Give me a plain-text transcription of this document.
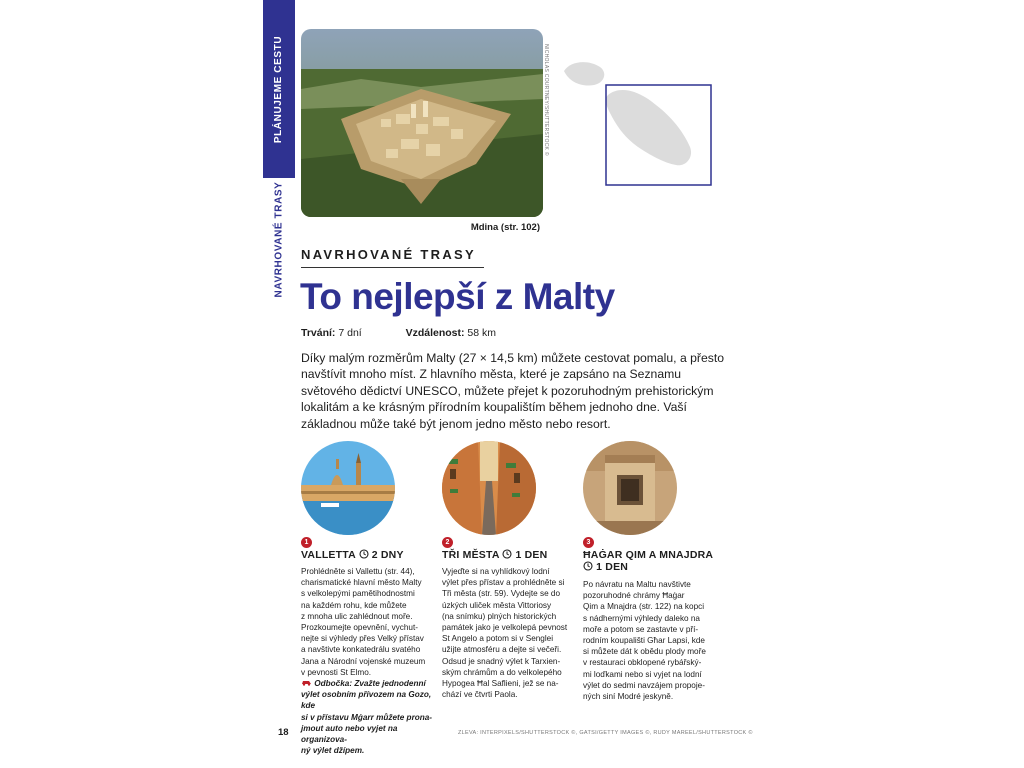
PLÁNUJEME CESTU
NAVRHOVANÉ TRASY
NICHOLAS COURTNEY/SHUTTERSTOCK ©
Mdina (str. 102)
NAVRHOVANÉ TRASY
To nejlepší z Malty
Trvání: 7 dní	Vzdálenost: 58 km
Díky malým rozměrům Malty (27 × 14,5 km) můžete cestovat pomalu, a přesto
navštívit mnoho míst. Z hlavního města, které je zapsáno na Seznamu
světového dědictví UNESCO, můžete přejet k pozoruhodným prehistorickým
lokalitám a ke krásným přírodním koupalištím během jednoho dne. Vaší
základnou může také být jenom jedno město nebo resort.
1
VALLETTA 2 DNY
Prohlédněte si Vallettu (str. 44),
charismatické hlavní město Malty
s velkolepými pamětihodnostmi
na každém rohu, kde můžete
z mnoha ulic zahlédnout moře.
Prozkoumejte opevnění, vychut-
nejte si výhledy přes Velký přístav
a navštivte konkatedrálu svatého
Jana a Národní vojenské muzeum
v pevnosti St Elmo.
Odbočka: Zvažte jednodenní
výlet osobním přívozem na Gozo, kde
si v přístavu Mġarr můžete prona-
jmout auto nebo vyjet na organizova-
ný výlet džípem.
2
TŘI MĚSTA 1 DEN
Vyjeďte si na vyhlídkový lodní
výlet přes přístav a prohlédněte si
Tři města (str. 59). Vydejte se do
úzkých uliček města Vittoriosy
(na snímku) plných historických
památek jako je velkolepá pevnost
St Angelo a potom si v Senglei
užijte atmosféru a dejte si večeři.
Odsud je snadný výlet k Tarxien-
ským chrámům a do velkolepého
Hypogea Ħal Saflieni, jež se na-
chází ve čtvrti Paola.
3
ĦAĠAR QIM A MNAJDRA
1 DEN
Po návratu na Maltu navštivte
pozoruhodné chrámy Ħaġar
Qim a Mnajdra (str. 122) na kopci
s nádhernými výhledy daleko na
moře a potom se zastavte v pří-
rodním koupališti Għar Lapsi, kde
si můžete dát k obědu plody moře
v restauraci obklopené rybářský-
mi loďkami nebo si vyjet na lodní
výlet do sedmi navzájem propoje-
ných siní Modré jeskyně.
18	ZLEVA: INTERPIXELS/SHUTTERSTOCK ©, GATSI/GETTY IMAGES ©, RUDY MAREEL/SHUTTERSTOCK ©
